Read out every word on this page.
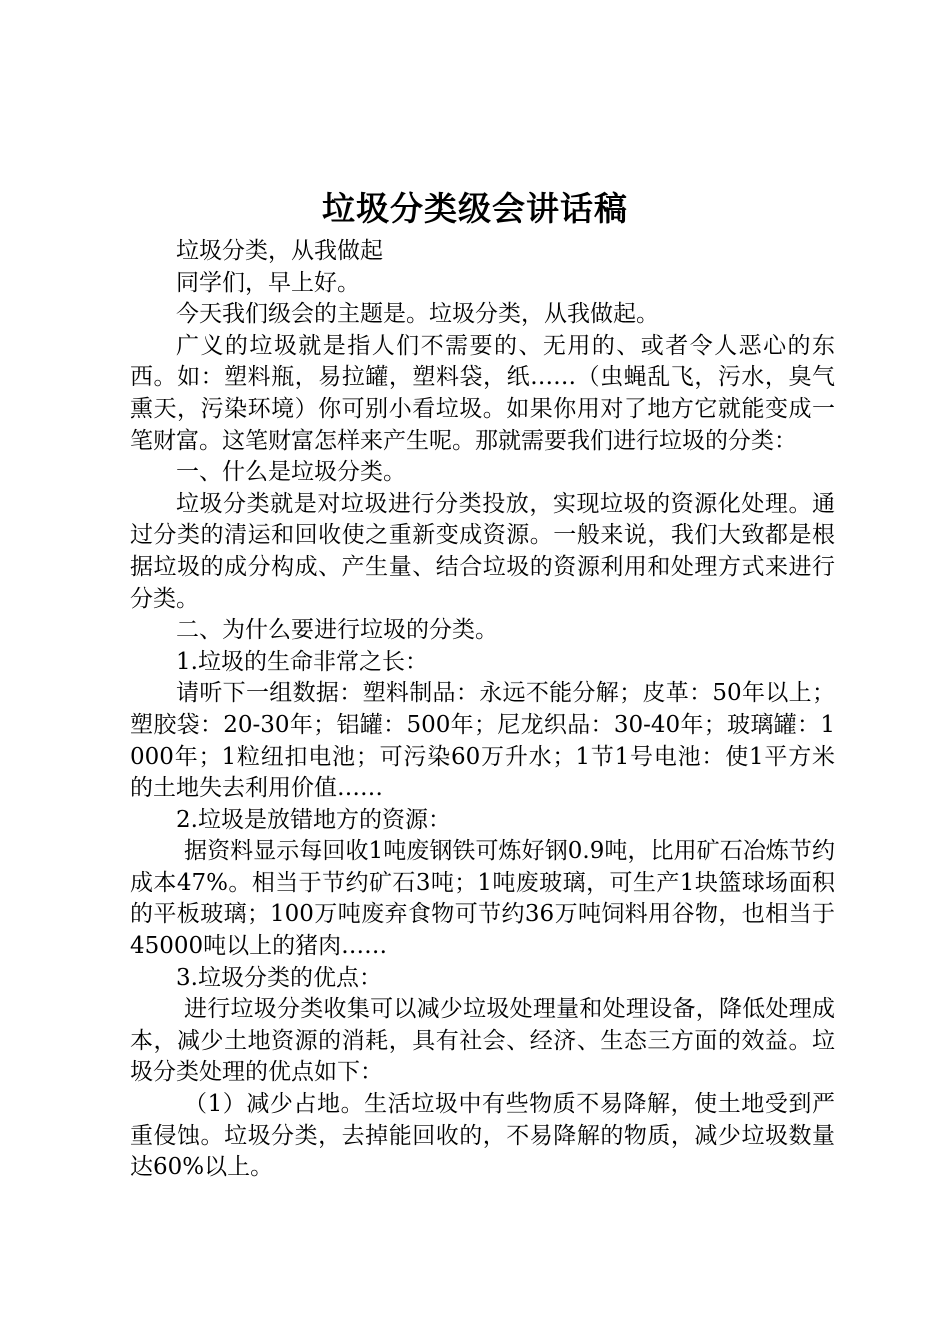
垃圾分类级会讲话稿

垃圾分类，从我做起

同学们，早上好。

今天我们级会的主题是。垃圾分类，从我做起。

广义的垃圾就是指人们不需要的、无用的、或者令人恶心的东西。如：塑料瓶，易拉罐，塑料袋，纸……（虫蝇乱飞，污水，臭气熏天，污染环境）你可别小看垃圾。如果你用对了地方它就能变成一笔财富。这笔财富怎样来产生呢。那就需要我们进行垃圾的分类：

一、什么是垃圾分类。

垃圾分类就是对垃圾进行分类投放，实现垃圾的资源化处理。通过分类的清运和回收使之重新变成资源。一般来说，我们大致都是根据垃圾的成分构成、产生量、结合垃圾的资源利用和处理方式来进行分类。

二、为什么要进行垃圾的分类。

1.垃圾的生命非常之长：

请听下一组数据：塑料制品：永远不能分解；皮革：50年以上；塑胶袋：20-30年；铝罐：500年；尼龙织品：30-40年；玻璃罐：1000年；1粒纽扣电池；可污染60万升水；1节1号电池：使1平方米的土地失去利用价值……

2.垃圾是放错地方的资源：

据资料显示每回收1吨废钢铁可炼好钢0.9吨，比用矿石冶炼节约成本47%。相当于节约矿石3吨；1吨废玻璃，可生产1块篮球场面积的平板玻璃；100万吨废弃食物可节约36万吨饲料用谷物，也相当于45000吨以上的猪肉……

3.垃圾分类的优点：

进行垃圾分类收集可以减少垃圾处理量和处理设备，降低处理成本，减少土地资源的消耗，具有社会、经济、生态三方面的效益。垃圾分类处理的优点如下：

（1）减少占地。生活垃圾中有些物质不易降解，使土地受到严重侵蚀。垃圾分类，去掉能回收的，不易降解的物质，减少垃圾数量达60%以上。
